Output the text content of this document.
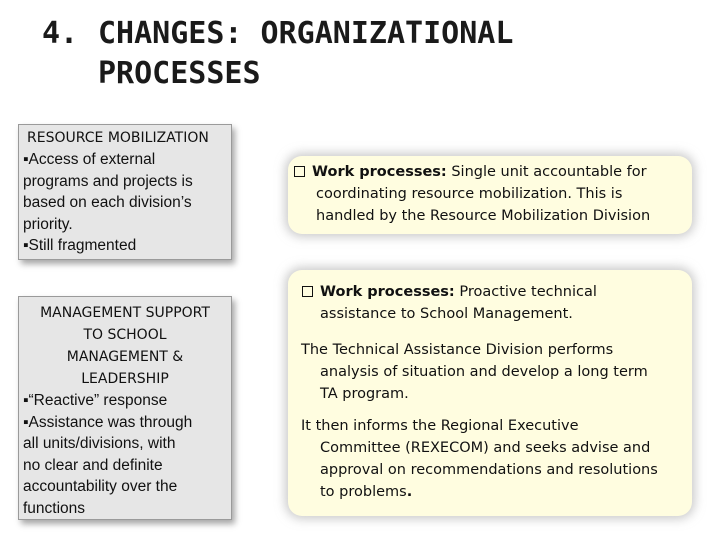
4. CHANGES: ORGANIZATIONAL
PROCESSES
RESOURCE MOBILIZATION
▪Access of external
programs and projects is
based on each division’s
priority.
▪Still fragmented
MANAGEMENT SUPPORT
TO SCHOOL
MANAGEMENT &
LEADERSHIP
▪“Reactive” response
▪Assistance was through
all units/divisions, with
no clear and definite
accountability over the
functions
Work processes: Single unit accountable for
coordinating resource mobilization. This is
handled by the Resource Mobilization Division
Work processes: Proactive technical
assistance to School Management.
The Technical Assistance Division performs
analysis of situation and develop a long term
TA program.
It then informs the Regional Executive
Committee (REXECOM) and seeks advise and
approval on recommendations and resolutions
to problems.
